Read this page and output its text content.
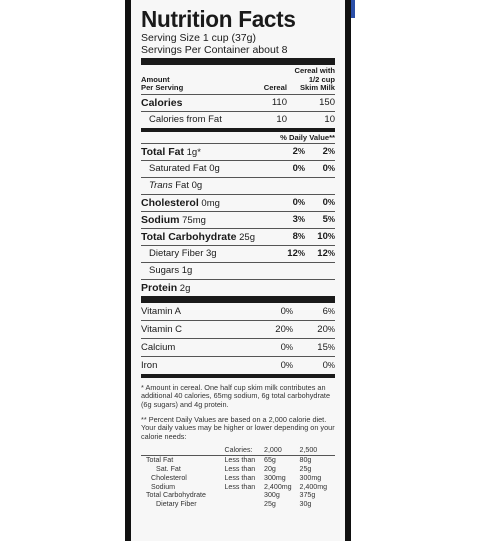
Nutrition Facts
Serving Size 1 cup (37g)
Servings Per Container about 8
Amount
Per Serving	Cereal
Cereal with
1/2 cup
Skim Milk
Calories	110	150
Calories from Fat	10	10
% Daily Value**
Total Fat 1g*	2%	2%
Saturated Fat 0g	0%	0%
Trans Fat 0g
Cholesterol 0mg	0%	0%
Sodium 75mg	3%	5%
Total Carbohydrate 25g	8%	10%
Dietary Fiber 3g	12%	12%
Sugars 1g
Protein 2g
Vitamin A	0%	6%
Vitamin C	20%	20%
Calcium	0%	15%
Iron	0%	0%
* Amount in cereal. One half cup skim milk contributes an additional 40 calories, 65mg sodium, 6g total carbohydrate (6g sugars) and 4g protein.
** Percent Daily Values are based on a 2,000 calorie diet. Your daily values may be higher or lower depending on your calorie needs:
	Calories:	2,000	2,500
Total Fat	Less than	65g	80g
Sat. Fat	Less than	20g	25g
Cholesterol	Less than	300mg	300mg
Sodium	Less than	2,400mg	2,400mg
Total Carbohydrate		300g	375g
Dietary Fiber		25g	30g
